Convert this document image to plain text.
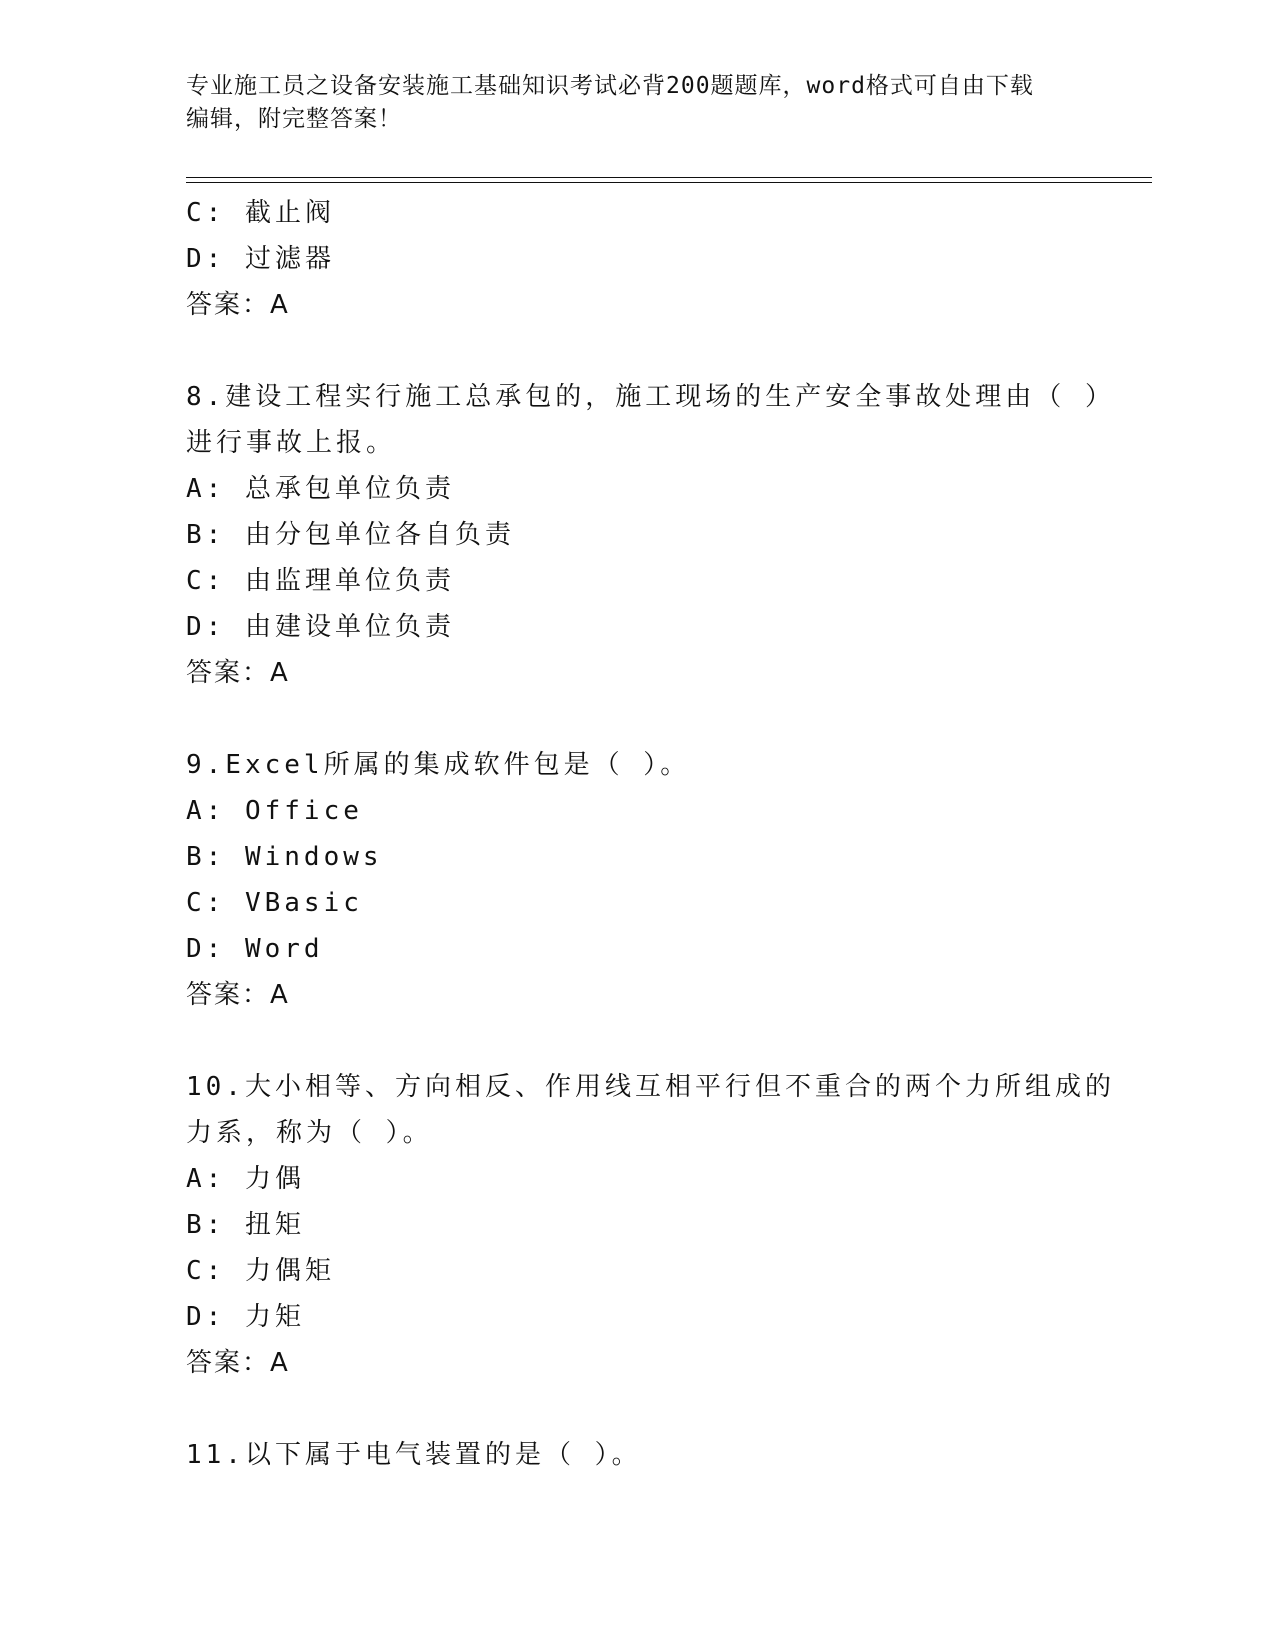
专业施工员之设备安装施工基础知识考试必背200题题库，word格式可自由下载
编辑，附完整答案！
C: 截止阀
D: 过滤器
答案：A
8.建设工程实行施工总承包的，施工现场的生产安全事故处理由（ ）
进行事故上报。
A: 总承包单位负责
B: 由分包单位各自负责
C: 由监理单位负责
D: 由建设单位负责
答案：A
9.Excel所属的集成软件包是（ ）。
A: Office
B: Windows
C: VBasic
D: Word
答案：A
10.大小相等、方向相反、作用线互相平行但不重合的两个力所组成的
力系，称为（ ）。
A: 力偶
B: 扭矩
C: 力偶矩
D: 力矩
答案：A
11.以下属于电气装置的是（ ）。
